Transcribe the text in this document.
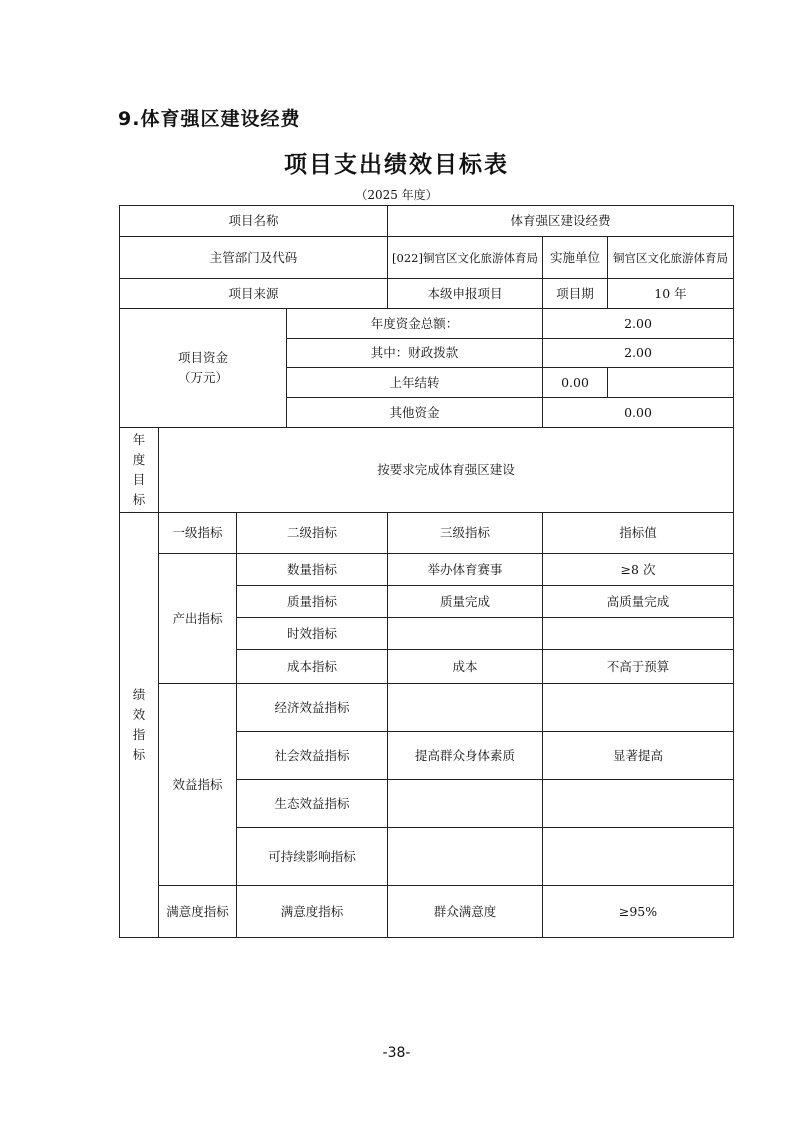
9.体育强区建设经费
项目支出绩效目标表
（2025 年度）
项目名称				体育强区建设经费		
主管部门及代码				[022]铜官区文化旅游体育局	实施单位	铜官区文化旅游体育局
项目来源				本级申报项目	项目期	10 年

项目资金
（万元）			年度资金总额：		2.00	
			其中：财政拨款		2.00	
			上年结转		0.00	
			其他资金		0.00	
年
度
目
标	按要求完成体育强区建设					
绩
效
指
标	一级指标	二级指标		三级指标	指标值	
	产出指标	数量指标		举办体育赛事	≥8 次	
		质量指标		质量完成	高质量完成	
		时效指标				
		成本指标		成本	不高于预算	
	效益指标	经济效益指标				
		社会效益指标		提高群众身体素质	显著提高	
		生态效益指标				
		可持续影响指标				
	满意度指标	满意度指标		群众满意度	≥95%	
-38-
